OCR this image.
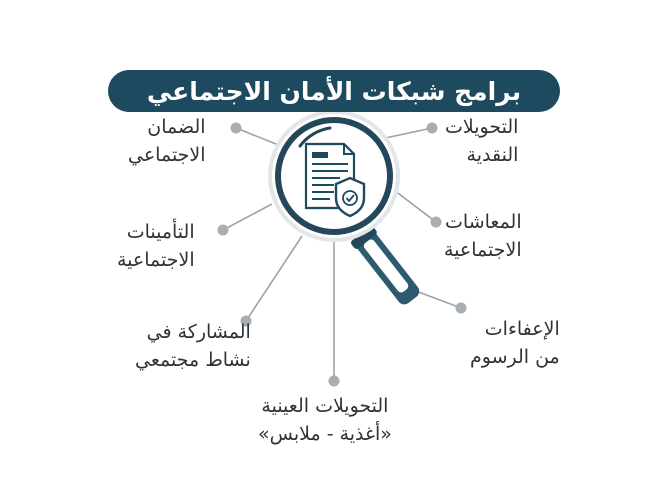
برامج شبكات الأمان الاجتماعي
التحويلات
النقدية
المعاشات
الاجتماعية
الإعفاءات
من الرسوم
التحويلات العينية
«أغذية - ملابس»
المشاركة في
نشاط مجتمعي
التأمينات
الاجتماعية
الضمان
الاجتماعي
